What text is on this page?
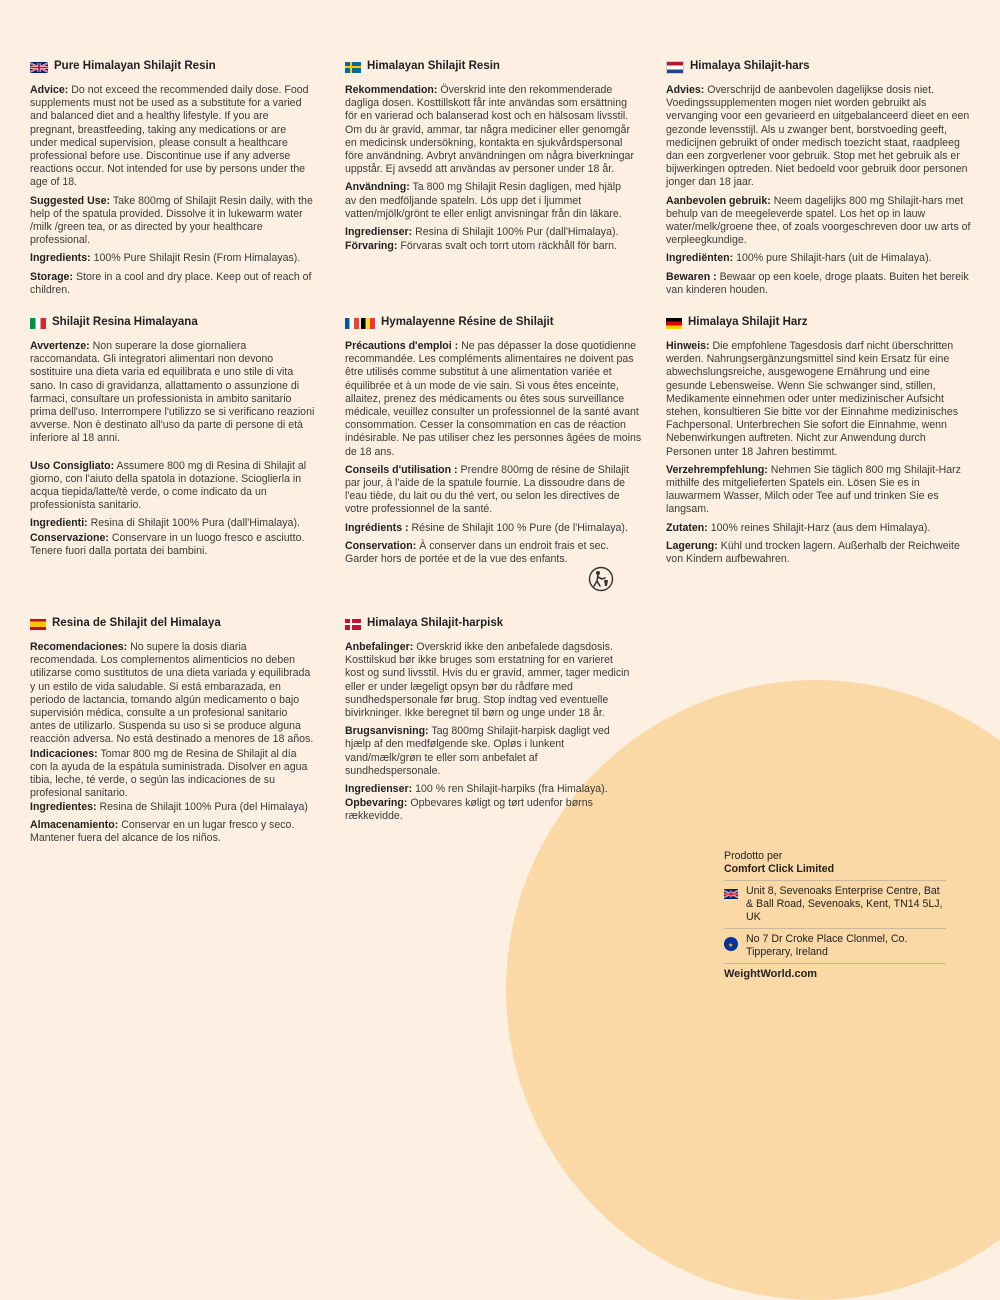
Pure Himalayan Shilajit Resin

Advice: Do not exceed the recommended daily dose. Food supplements must not be used as a substitute for a varied and balanced diet and a healthy lifestyle. If you are pregnant, breastfeeding, taking any medications or are under medical supervision, please consult a healthcare professional before use. Discontinue use if any adverse reactions occur. Not intended for use by persons under the age of 18.

Suggested Use: Take 800mg of Shilajit Resin daily, with the help of the spatula provided. Dissolve it in lukewarm water /milk /green tea, or as directed by your healthcare professional.

Ingredients: 100% Pure Shilajit Resin (From Himalayas).

Storage: Store in a cool and dry place. Keep out of reach of children.

Himalayan Shilajit Resin

Rekommendation: Överskrid inte den rekommenderade dagliga dosen. Kosttillskott får inte användas som ersättning för en varierad och balanserad kost och en hälsosam livsstil. Om du är gravid, ammar, tar några mediciner eller genomgår en medicinsk undersökning, kontakta en sjukvårdspersonal före användning. Avbryt användningen om några biverkningar uppstår. Ej avsedd att användas av personer under 18 år.

Användning: Ta 800 mg Shilajit Resin dagligen, med hjälp av den medföljande spateln. Lös upp det i ljummet vatten/mjölk/grönt te eller enligt anvisningar från din läkare.

Ingredienser: Resina di Shilajit 100% Pur (dall'Himalaya).

Förvaring: Förvaras svalt och torrt utom räckhåll för barn.

Himalaya Shilajit-hars

Advies: Overschrijd de aanbevolen dagelijkse dosis niet. Voedingssupplementen mogen niet worden gebruikt als vervanging voor een gevarieerd en uitgebalanceerd dieet en een gezonde levensstijl. Als u zwanger bent, borstvoeding geeft, medicijnen gebruikt of onder medisch toezicht staat, raadpleeg dan een zorgverlener voor gebruik. Stop met het gebruik als er bijwerkingen optreden. Niet bedoeld voor gebruik door personen jonger dan 18 jaar.

Aanbevolen gebruik: Neem dagelijks 800 mg Shilajit-hars met behulp van de meegeleverde spatel. Los het op in lauw water/melk/groene thee, of zoals voorgeschreven door uw arts of verpleegkundige.

Ingrediënten: 100% pure Shilajit-hars (uit de Himalaya).

Bewaren : Bewaar op een koele, droge plaats. Buiten het bereik van kinderen houden.

Shilajit Resina Himalayana

Avvertenze: Non superare la dose giornaliera raccomandata. Gli integratori alimentari non devono sostituire una dieta varia ed equilibrata e uno stile di vita sano. In caso di gravidanza, allattamento o assunzione di farmaci, consultare un professionista in ambito sanitario prima dell'uso. Interrompere l'utilizzo se si verificano reazioni avverse. Non è destinato all'uso da parte di persone di età inferiore al 18 anni.

Uso Consigliato: Assumere 800 mg di Resina di Shilajit al giorno, con l'aiuto della spatola in dotazione. Scioglierla in acqua tiepida/latte/tè verde, o come indicato da un professionista sanitario.

Ingredienti: Resina di Shilajit 100% Pura (dall'Himalaya).

Conservazione: Conservare in un luogo fresco e asciutto. Tenere fuori dalla portata dei bambini.

Hymalayenne Résine de Shilajit

Précautions d'emploi : Ne pas dépasser la dose quotidienne recommandée. Les compléments alimentaires ne doivent pas être utilisés comme substitut à une alimentation variée et équilibrée et à un mode de vie sain. Si vous êtes enceinte, allaitez, prenez des médicaments ou êtes sous surveillance médicale, veuillez consulter un professionnel de la santé avant consommation. Cesser la consommation en cas de réaction indésirable. Ne pas utiliser chez les personnes âgées de moins de 18 ans.

Conseils d'utilisation : Prendre 800mg de résine de Shilajit par jour, à l'aide de la spatule fournie. La dissoudre dans de l'eau tiède, du lait ou du thé vert, ou selon les directives de votre professionnel de la santé.

Ingrédients : Résine de Shilajit 100 % Pure (de l'Himalaya).

Conservation: À conserver dans un endroit frais et sec. Garder hors de portée et de la vue des enfants.

Himalaya Shilajit Harz

Hinweis: Die empfohlene Tagesdosis darf nicht überschritten werden. Nahrungsergänzungsmittel sind kein Ersatz für eine abwechslungsreiche, ausgewogene Ernährung und eine gesunde Lebensweise. Wenn Sie schwanger sind, stillen, Medikamente einnehmen oder unter medizinischer Aufsicht stehen, konsultieren Sie bitte vor der Einnahme medizinisches Fachpersonal. Unterbrechen Sie sofort die Einnahme, wenn Nebenwirkungen auftreten. Nicht zur Anwendung durch Personen unter 18 Jahren bestimmt.

Verzehrempfehlung: Nehmen Sie täglich 800 mg Shilajit-Harz mithilfe des mitgelieferten Spatels ein. Lösen Sie es in lauwarmem Wasser, Milch oder Tee auf und trinken Sie es langsam.

Zutaten: 100% reines Shilajit-Harz (aus dem Himalaya).

Lagerung: Kühl und trocken lagern. Außerhalb der Reichweite von Kindern aufbewahren.

Resina de Shilajit del Himalaya

Recomendaciones: No supere la dosis diaria recomendada. Los complementos alimenticios no deben utilizarse como sustitutos de una dieta variada y equilibrada y un estilo de vida saludable. Si está embarazada, en periodo de lactancia, tomando algún medicamento o bajo supervisión médica, consulte a un profesional sanitario antes de utilizarlo. Suspenda su uso si se produce alguna reacción adversa. No está destinado a menores de 18 años.

Indicaciones: Tomar 800 mg de Resina de Shilajit al día con la ayuda de la espátula suministrada. Disolver en agua tibia, leche, té verde, o según las indicaciones de su profesional sanitario.

Ingredientes: Resina de Shilajit 100% Pura (del Himalaya)

Almacenamiento: Conservar en un lugar fresco y seco. Mantener fuera del alcance de los niños.

Himalaya Shilajit-harpisk

Anbefalinger: Overskrid ikke den anbefalede dagsdosis. Kosttilskud bør ikke bruges som erstatning for en varieret kost og sund livsstil. Hvis du er gravid, ammer, tager medicin eller er under lægeligt opsyn bør du rådføre med sundhedspersonale før brug. Stop indtag ved eventuelle bivirkninger. Ikke beregnet til børn og unge under 18 år.

Brugsanvisning: Tag 800mg Shilajit-harpisk dagligt ved hjælp af den medfølgende ske. Opløs i lunkent vand/mælk/grøn te eller som anbefalet af sundhedspersonale.

Ingredienser: 100 % ren Shilajit-harpiks (fra Himalaya).

Opbevaring: Opbevares køligt og tørt udenfor børns rækkevidde.

Prodotto per
Comfort Click Limited
Unit 8, Sevenoaks Enterprise Centre, Bat & Ball Road, Sevenoaks, Kent, TN14 5LJ, UK
★
No 7 Dr Croke Place Clonmel, Co. Tipperary, Ireland
WeightWorld.com
